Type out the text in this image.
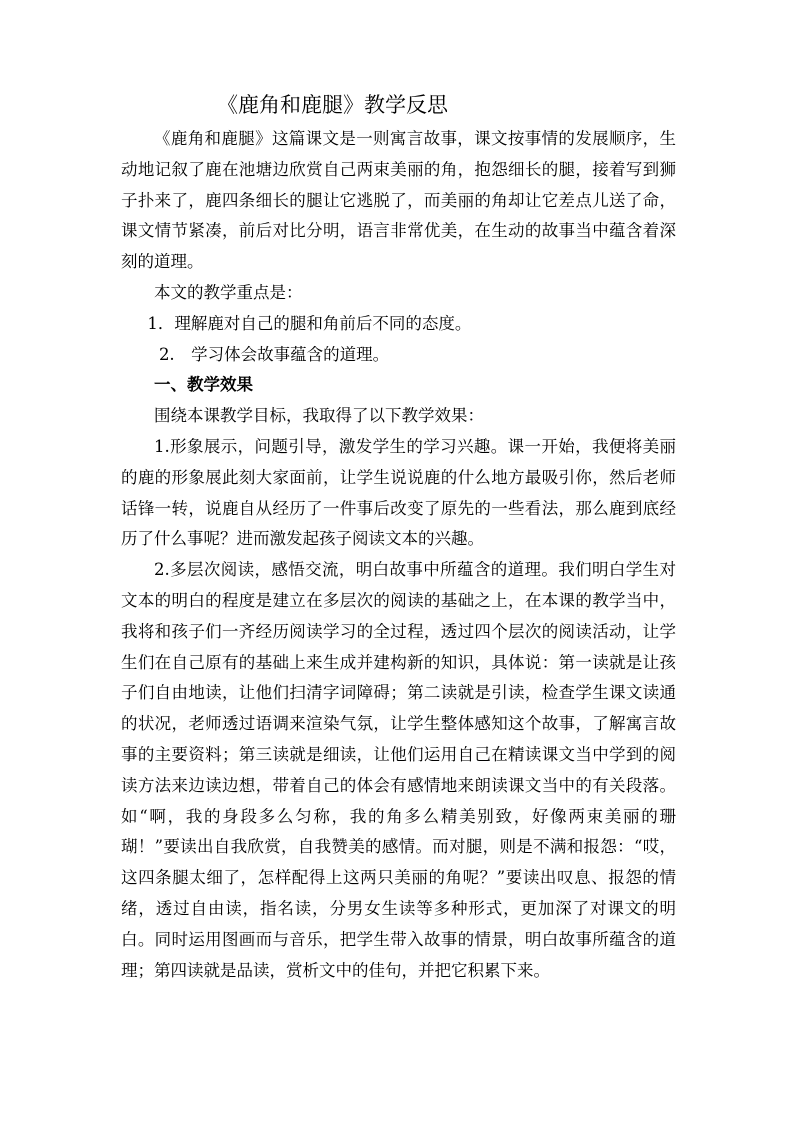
《鹿角和鹿腿》教学反思

《鹿角和鹿腿》这篇课文是一则寓言故事，课文按事情的发展顺序，生动地记叙了鹿在池塘边欣赏自己两束美丽的角，抱怨细长的腿，接着写到狮子扑来了，鹿四条细长的腿让它逃脱了，而美丽的角却让它差点儿送了命，课文情节紧凑，前后对比分明，语言非常优美，在生动的故事当中蕴含着深刻的道理。

本文的教学重点是：

1．理解鹿对自己的腿和角前后不同的态度。

2.　学习体会故事蕴含的道理。

一、教学效果

围绕本课教学目标，我取得了以下教学效果：

1.形象展示，问题引导，激发学生的学习兴趣。课一开始，我便将美丽的鹿的形象展此刻大家面前，让学生说说鹿的什么地方最吸引你，然后老师话锋一转，说鹿自从经历了一件事后改变了原先的一些看法，那么鹿到底经历了什么事呢？进而激发起孩子阅读文本的兴趣。

2.多层次阅读，感悟交流，明白故事中所蕴含的道理。我们明白学生对文本的明白的程度是建立在多层次的阅读的基础之上，在本课的教学当中，我将和孩子们一齐经历阅读学习的全过程，透过四个层次的阅读活动，让学生们在自己原有的基础上来生成并建构新的知识，具体说：第一读就是让孩子们自由地读，让他们扫清字词障碍；第二读就是引读，检查学生课文读通的状况，老师透过语调来渲染气氛，让学生整体感知这个故事，了解寓言故事的主要资料；第三读就是细读，让他们运用自己在精读课文当中学到的阅读方法来边读边想，带着自己的体会有感情地来朗读课文当中的有关段落。如“啊，我的身段多么匀称，我的角多么精美别致，好像两束美丽的珊瑚！”要读出自我欣赏，自我赞美的感情。而对腿，则是不满和报怨：“哎，这四条腿太细了，怎样配得上这两只美丽的角呢？”要读出叹息、报怨的情绪，透过自由读，指名读，分男女生读等多种形式，更加深了对课文的明白。同时运用图画而与音乐，把学生带入故事的情景，明白故事所蕴含的道理；第四读就是品读，赏析文中的佳句，并把它积累下来。
